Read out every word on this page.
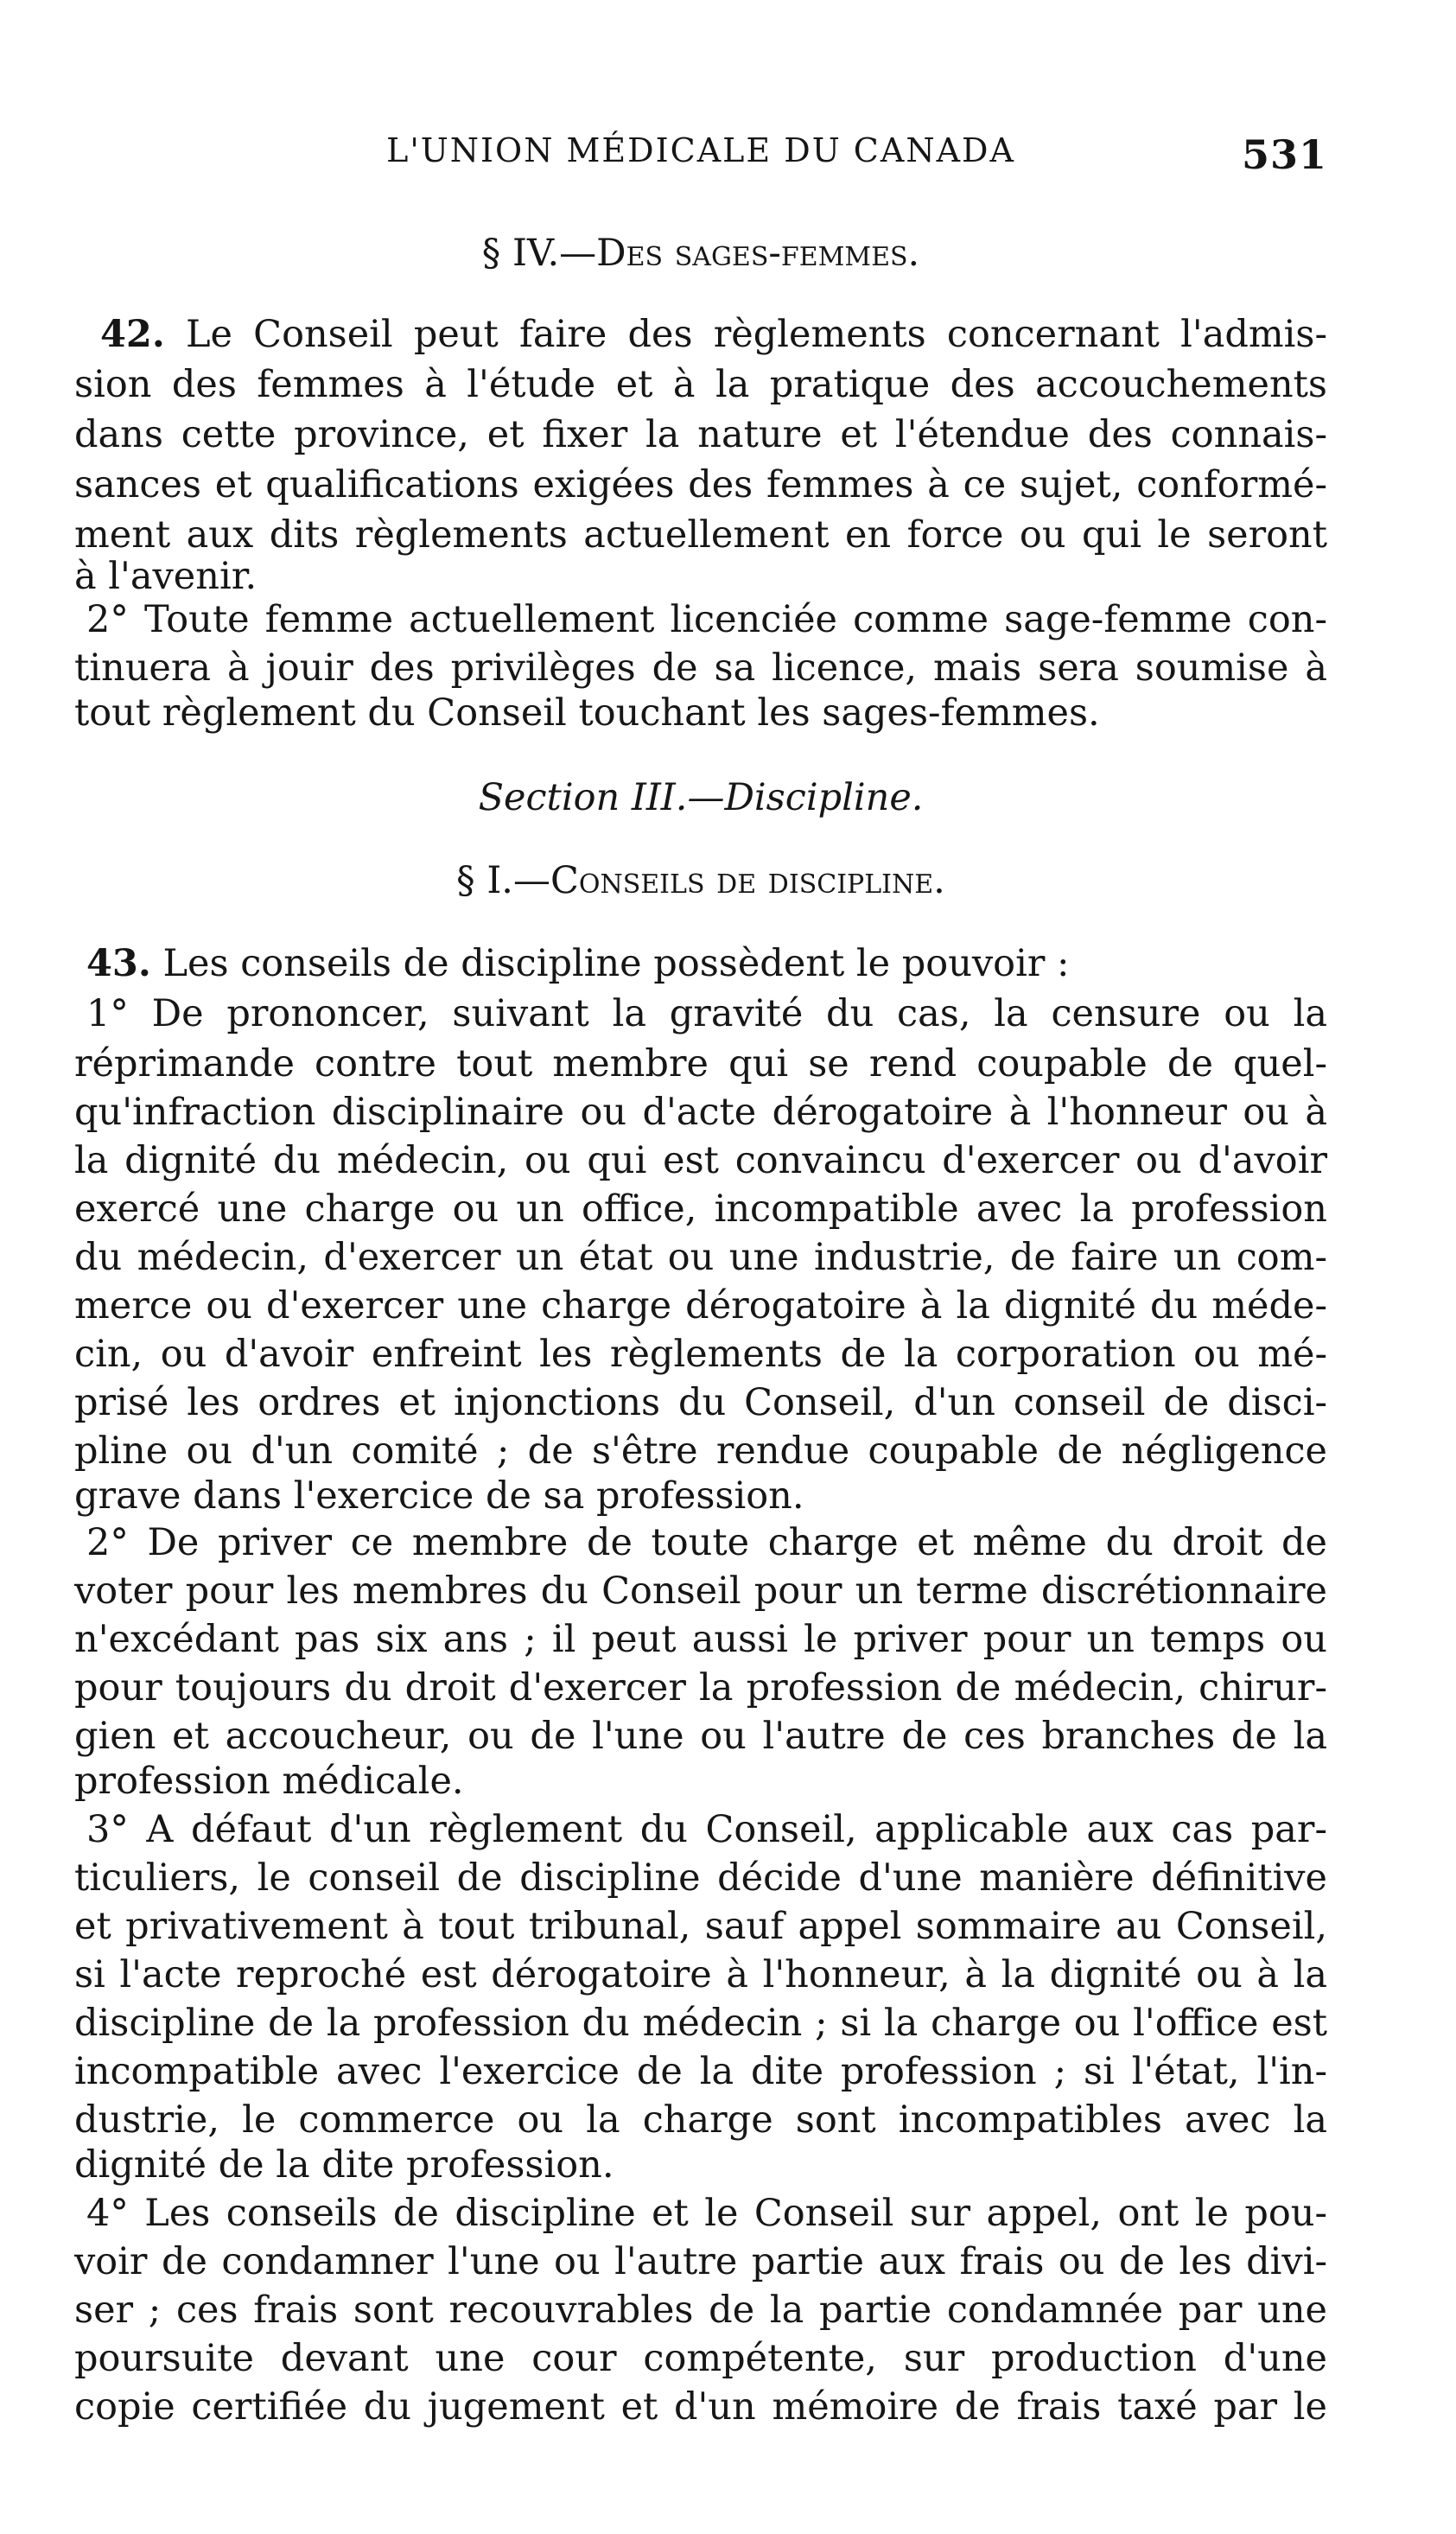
L'UNION MÉDICALE DU CANADA	531
§ IV.—Des sages-femmes.
42. Le Conseil peut faire des règlements concernant l'admis-
sion des femmes à l'étude et à la pratique des accouchements
dans cette province, et fixer la nature et l'étendue des connais-
sances et qualifications exigées des femmes à ce sujet, conformé-
ment aux dits règlements actuellement en force ou qui le seront
à l'avenir.
2° Toute femme actuellement licenciée comme sage-femme con-
tinuera à jouir des privilèges de sa licence, mais sera soumise à
tout règlement du Conseil touchant les sages-femmes.
Section III.—Discipline.
§ I.—Conseils de discipline.
43. Les conseils de discipline possèdent le pouvoir :
1° De prononcer, suivant la gravité du cas, la censure ou la
réprimande contre tout membre qui se rend coupable de quel-
qu'infraction disciplinaire ou d'acte dérogatoire à l'honneur ou à
la dignité du médecin, ou qui est convaincu d'exercer ou d'avoir
exercé une charge ou un office, incompatible avec la profession
du médecin, d'exercer un état ou une industrie, de faire un com-
merce ou d'exercer une charge dérogatoire à la dignité du méde-
cin, ou d'avoir enfreint les règlements de la corporation ou mé-
prisé les ordres et injonctions du Conseil, d'un conseil de disci-
pline ou d'un comité ; de s'être rendue coupable de négligence
grave dans l'exercice de sa profession.
2° De priver ce membre de toute charge et même du droit de
voter pour les membres du Conseil pour un terme discrétionnaire
n'excédant pas six ans ; il peut aussi le priver pour un temps ou
pour toujours du droit d'exercer la profession de médecin, chirur-
gien et accoucheur, ou de l'une ou l'autre de ces branches de la
profession médicale.
3° A défaut d'un règlement du Conseil, applicable aux cas par-
ticuliers, le conseil de discipline décide d'une manière définitive
et privativement à tout tribunal, sauf appel sommaire au Conseil,
si l'acte reproché est dérogatoire à l'honneur, à la dignité ou à la
discipline de la profession du médecin ; si la charge ou l'office est
incompatible avec l'exercice de la dite profession ; si l'état, l'in-
dustrie, le commerce ou la charge sont incompatibles avec la
dignité de la dite profession.
4° Les conseils de discipline et le Conseil sur appel, ont le pou-
voir de condamner l'une ou l'autre partie aux frais ou de les divi-
ser ; ces frais sont recouvrables de la partie condamnée par une
poursuite devant une cour compétente, sur production d'une
copie certifiée du jugement et d'un mémoire de frais taxé par le
